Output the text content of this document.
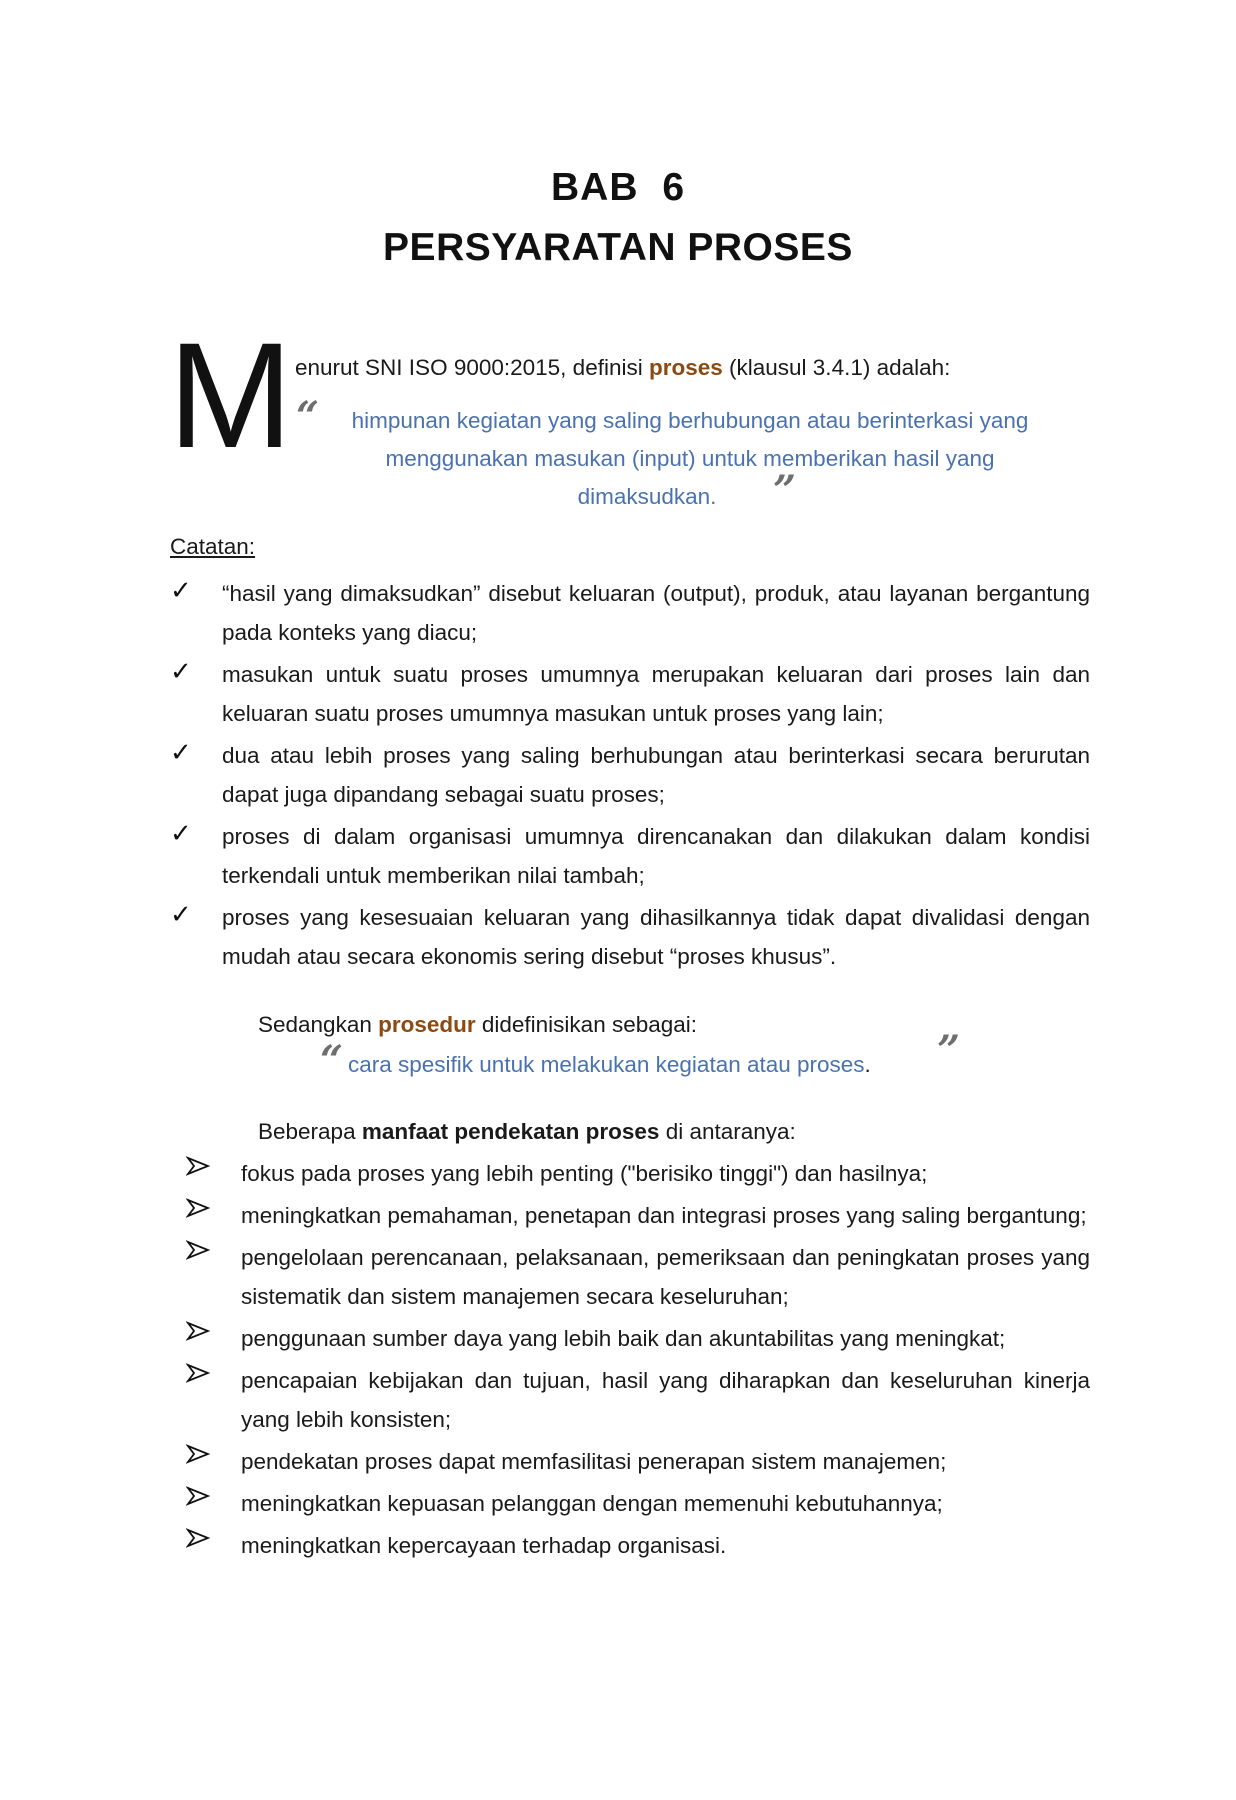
BAB 6
PERSYARATAN PROSES
M enurut SNI ISO 9000:2015, definisi proses (klausul 3.4.1) adalah:

“	himpunan kegiatan yang saling berhubungan atau berinterkasi yang
menggunakan masukan (input) untuk memberikan hasil yang
dimaksudkan.	”
Catatan:
✓ “hasil yang dimaksudkan” disebut keluaran (output), produk, atau layanan bergantung pada konteks yang diacu;
✓ masukan untuk suatu proses umumnya merupakan keluaran dari proses lain dan keluaran suatu proses umumnya masukan untuk proses yang lain;
✓ dua atau lebih proses yang saling berhubungan atau berinterkasi secara berurutan dapat juga dipandang sebagai suatu proses;
✓ proses di dalam organisasi umumnya direncanakan dan dilakukan dalam kondisi terkendali untuk memberikan nilai tambah;
✓ proses yang kesesuaian keluaran yang dihasilkannya tidak dapat divalidasi dengan mudah atau secara ekonomis sering disebut “proses khusus”.

Sedangkan prosedur didefinisikan sebagai:

“ cara spesifik untuk melakukan kegiatan atau proses. ”

Beberapa manfaat pendekatan proses di antaranya:

fokus pada proses yang lebih penting ("berisiko tinggi") dan hasilnya;
meningkatkan pemahaman, penetapan dan integrasi proses yang saling bergantung;
pengelolaan perencanaan, pelaksanaan, pemeriksaan dan peningkatan proses yang sistematik dan sistem manajemen secara keseluruhan;
penggunaan sumber daya yang lebih baik dan akuntabilitas yang meningkat;
pencapaian kebijakan dan tujuan, hasil yang diharapkan dan keseluruhan kinerja yang lebih konsisten;
pendekatan proses dapat memfasilitasi penerapan sistem manajemen;
meningkatkan kepuasan pelanggan dengan memenuhi kebutuhannya;
meningkatkan kepercayaan terhadap organisasi.
